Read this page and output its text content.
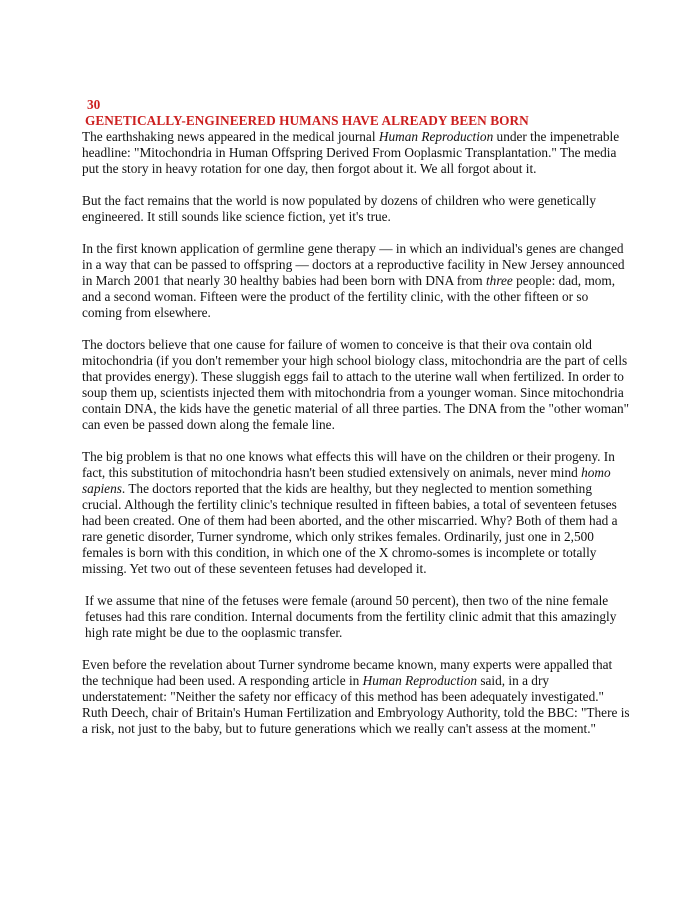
30
GENETICALLY-ENGINEERED HUMANS HAVE ALREADY BEEN BORN

The earthshaking news appeared in the medical journal Human Reproduction under the impenetrable headline: "Mitochondria in Human Offspring Derived From Ooplasmic Transplantation." The media put the story in heavy rotation for one day, then forgot about it. We all forgot about it.

But the fact remains that the world is now populated by dozens of children who were genetically engineered. It still sounds like science fiction, yet it's true.

In the first known application of germline gene therapy — in which an individual's genes are changed in a way that can be passed to offspring — doctors at a reproductive facility in New Jersey announced in March 2001 that nearly 30 healthy babies had been born with DNA from three people: dad, mom, and a second woman. Fifteen were the product of the fertility clinic, with the other fifteen or so coming from elsewhere.

The doctors believe that one cause for failure of women to conceive is that their ova contain old mitochondria (if you don't remember your high school biology class, mitochondria are the part of cells that provides energy). These sluggish eggs fail to attach to the uterine wall when fertilized. In order to soup them up, scientists injected them with mitochondria from a younger woman. Since mitochondria contain DNA, the kids have the genetic material of all three parties. The DNA from the "other woman" can even be passed down along the female line.

The big problem is that no one knows what effects this will have on the children or their progeny. In fact, this substitution of mitochondria hasn't been studied extensively on animals, never mind homo sapiens. The doctors reported that the kids are healthy, but they neglected to mention something crucial. Although the fertility clinic's technique resulted in fifteen babies, a total of seventeen fetuses had been created. One of them had been aborted, and the other miscarried. Why? Both of them had a rare genetic disorder, Turner syndrome, which only strikes females. Ordinarily, just one in 2,500 females is born with this condition, in which one of the X chromo-somes is incomplete or totally missing. Yet two out of these seventeen fetuses had developed it.

If we assume that nine of the fetuses were female (around 50 percent), then two of the nine female fetuses had this rare condition. Internal documents from the fertility clinic admit that this amazingly high rate might be due to the ooplasmic transfer.

Even before the revelation about Turner syndrome became known, many experts were appalled that the technique had been used. A responding article in Human Reproduction said, in a dry understatement: "Neither the safety nor efficacy of this method has been adequately investigated." Ruth Deech, chair of Britain's Human Fertilization and Embryology Authority, told the BBC: "There is a risk, not just to the baby, but to future generations which we really can't assess at the moment."
